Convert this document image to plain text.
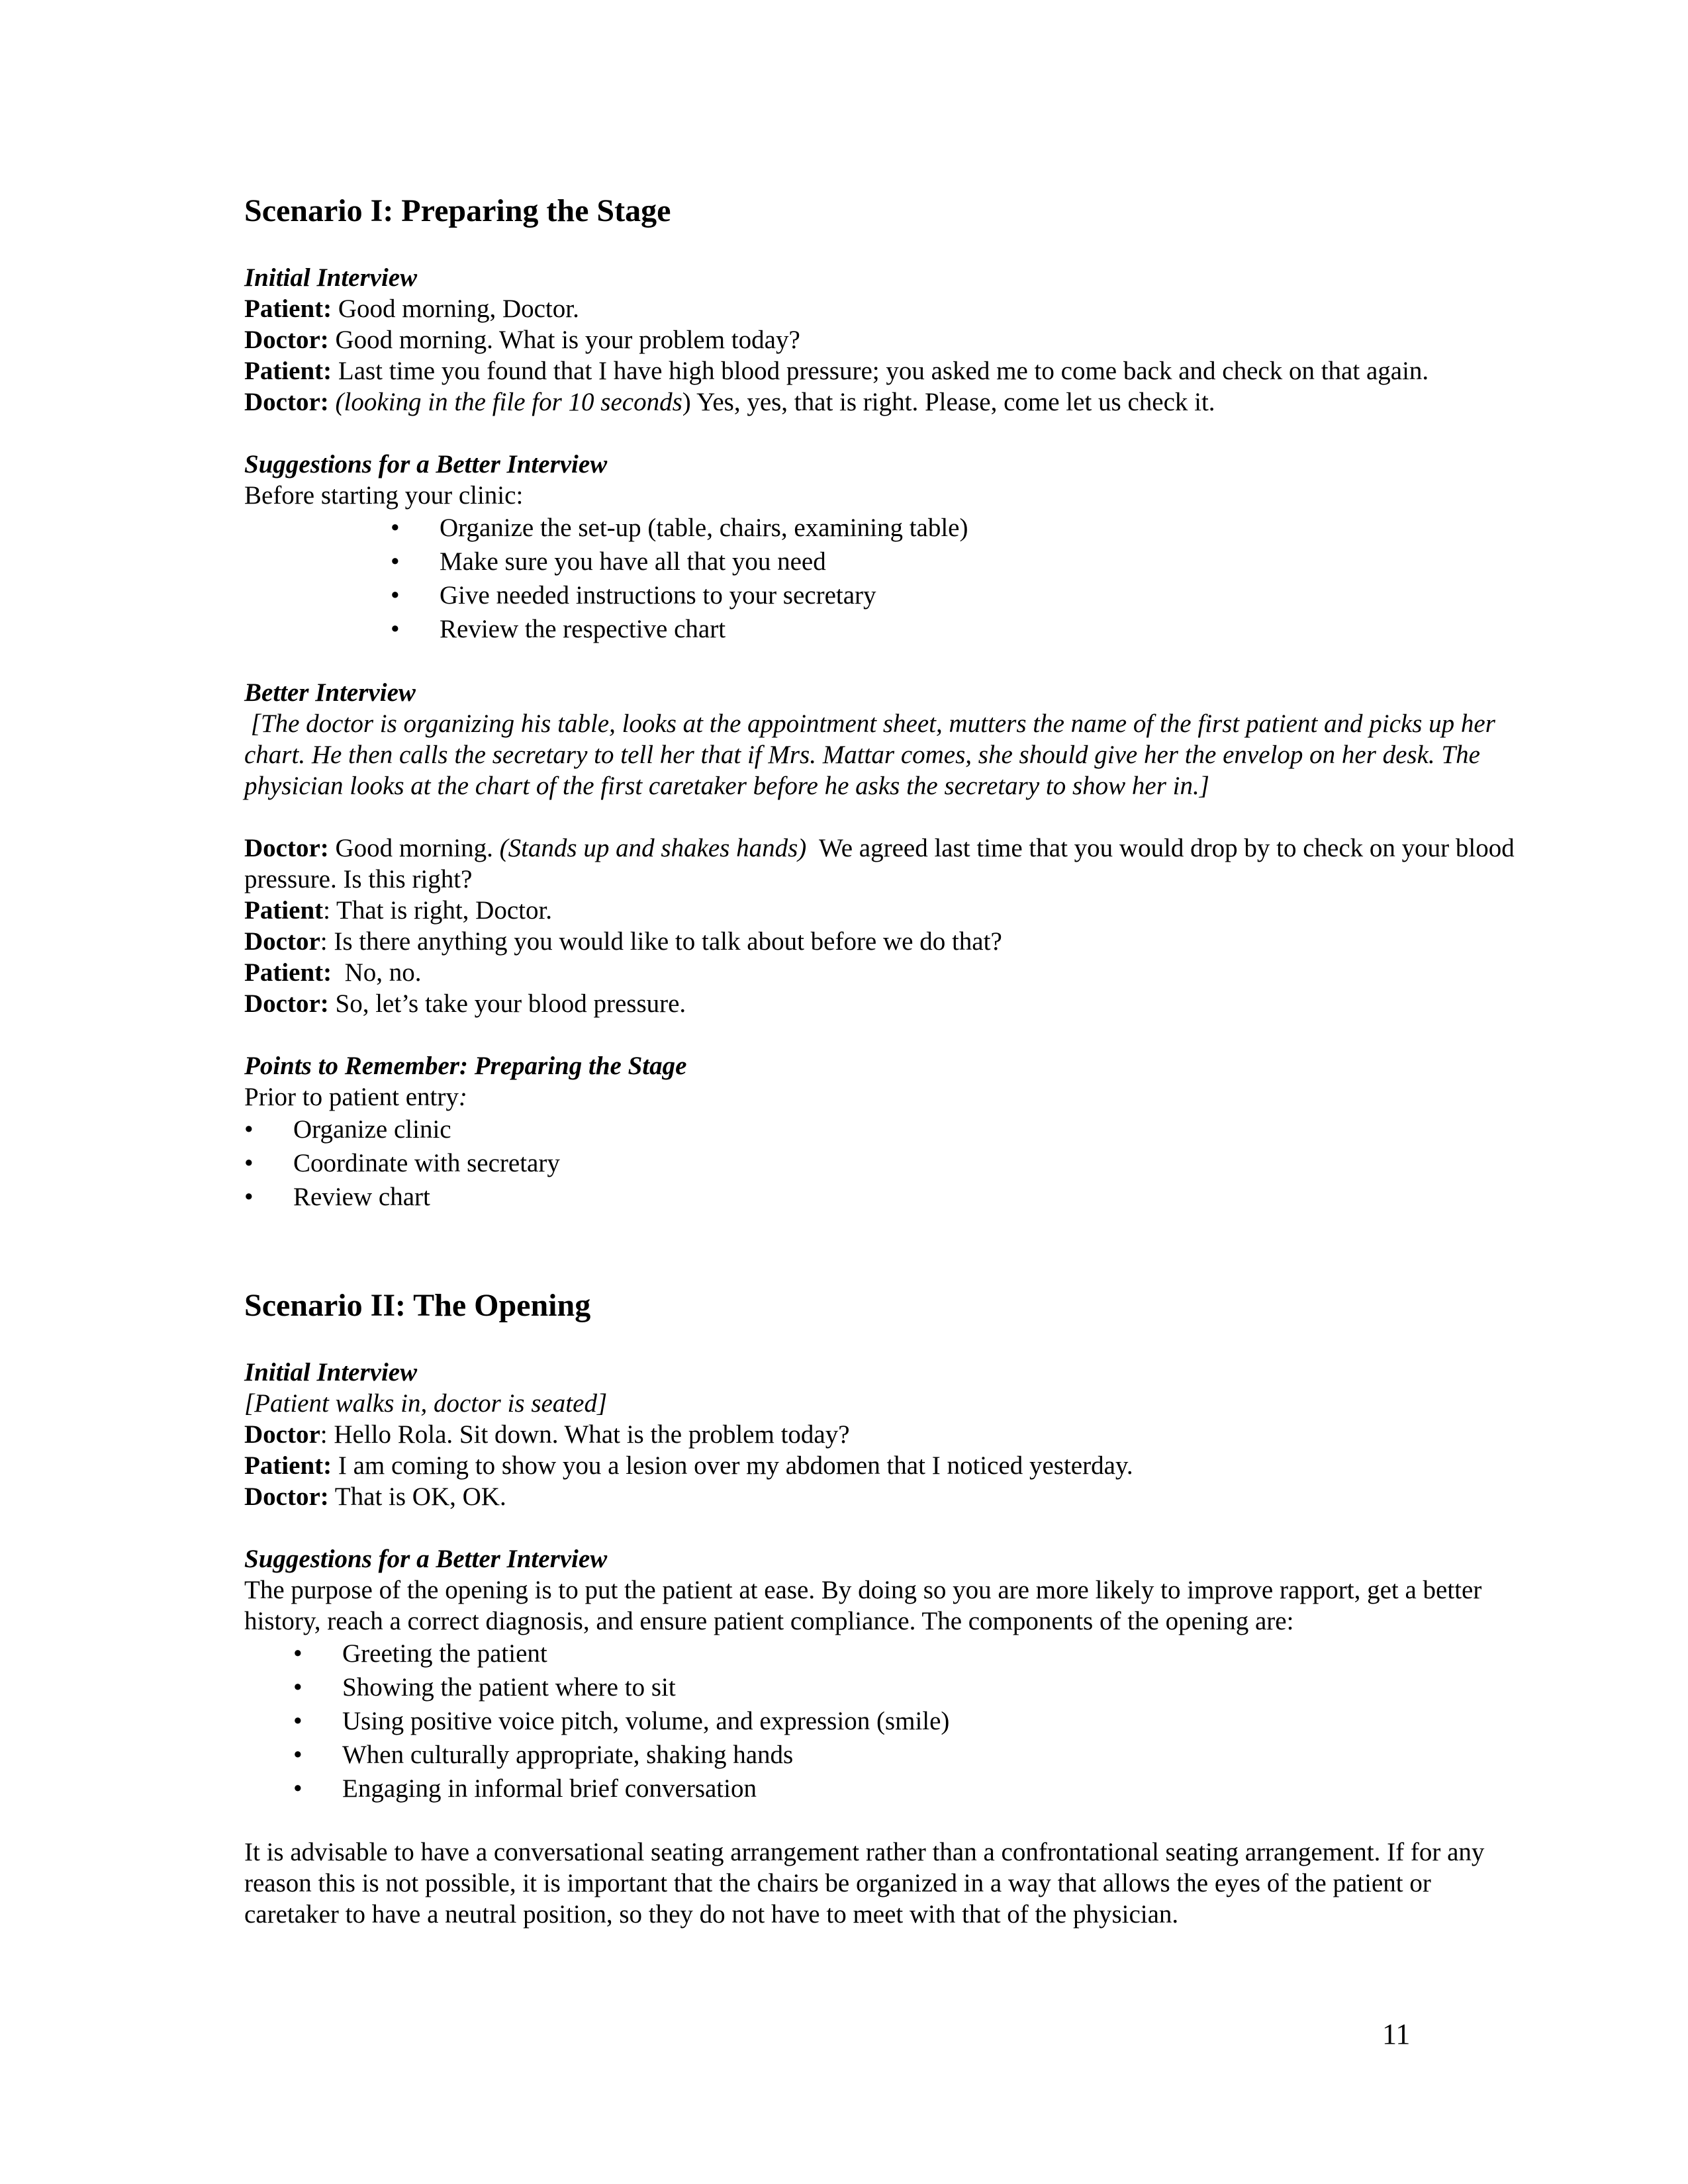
Scenario I: Preparing the Stage
Initial Interview
Patient: Good morning, Doctor.
Doctor: Good morning. What is your problem today?
Patient: Last time you found that I have high blood pressure; you asked me to come back and check on that again.
Doctor: (looking in the file for 10 seconds) Yes, yes, that is right. Please, come let us check it.
Suggestions for a Better Interview
Before starting your clinic:
•	Organize the set-up (table, chairs, examining table)
•	Make sure you have all that you need
•	Give needed instructions to your secretary
•	Review the respective chart
Better Interview
[The doctor is organizing his table, looks at the appointment sheet, mutters the name of the first patient and picks up her chart. He then calls the secretary to tell her that if Mrs. Mattar comes, she should give her the envelop on her desk. The physician looks at the chart of the first caretaker before he asks the secretary to show her in.]
Doctor: Good morning. (Stands up and shakes hands)  We agreed last time that you would drop by to check on your blood pressure. Is this right?
Patient: That is right, Doctor.
Doctor: Is there anything you would like to talk about before we do that?
Patient:  No, no.
Doctor: So, let’s take your blood pressure.
Points to Remember: Preparing the Stage
Prior to patient entry:
•	Organize clinic
•	Coordinate with secretary
•	Review chart
Scenario II: The Opening
Initial Interview
[Patient walks in, doctor is seated]
Doctor: Hello Rola. Sit down. What is the problem today?
Patient: I am coming to show you a lesion over my abdomen that I noticed yesterday.
Doctor: That is OK, OK.
Suggestions for a Better Interview
The purpose of the opening is to put the patient at ease. By doing so you are more likely to improve rapport, get a better history, reach a correct diagnosis, and ensure patient compliance. The components of the opening are:
•	Greeting the patient
•	Showing the patient where to sit
•	Using positive voice pitch, volume, and expression (smile)
•	When culturally appropriate, shaking hands
•	Engaging in informal brief conversation
It is advisable to have a conversational seating arrangement rather than a confrontational seating arrangement. If for any reason this is not possible, it is important that the chairs be organized in a way that allows the eyes of the patient or caretaker to have a neutral position, so they do not have to meet with that of the physician.
11
